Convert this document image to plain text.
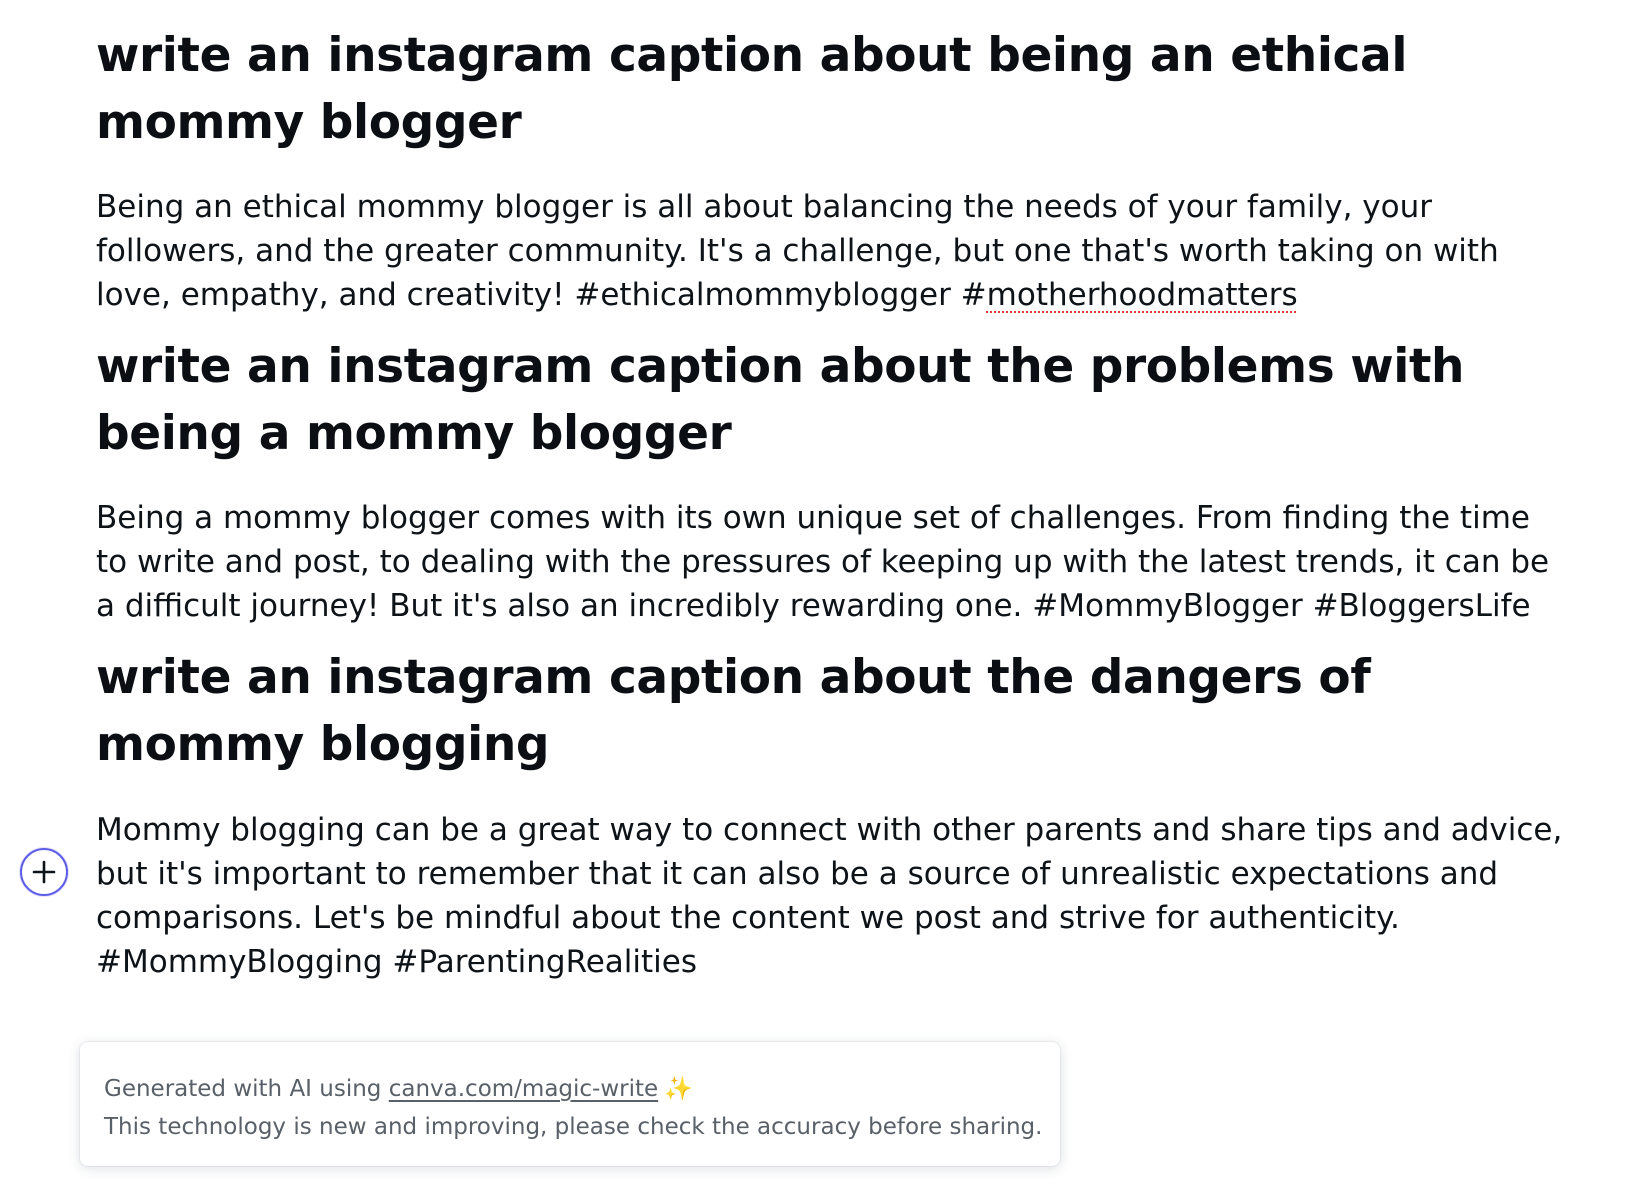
write an instagram caption about being an ethical mommy blogger

Being an ethical mommy blogger is all about balancing the needs of your family, your followers, and the greater community. It's a challenge, but one that's worth taking on with love, empathy, and creativity! #ethicalmommyblogger #motherhoodmatters

write an instagram caption about the problems with being a mommy blogger

Being a mommy blogger comes with its own unique set of challenges. From finding the time to write and post, to dealing with the pressures of keeping up with the latest trends, it can be a difficult journey! But it's also an incredibly rewarding one. #MommyBlogger #BloggersLife

write an instagram caption about the dangers of mommy blogging

Mommy blogging can be a great way to connect with other parents and share tips and advice, but it's important to remember that it can also be a source of unrealistic expectations and comparisons. Let's be mindful about the content we post and strive for authenticity. #MommyBlogging #ParentingRealities

Generated with AI using canva.com/magic-write ✨

This technology is new and improving, please check the accuracy before sharing.
